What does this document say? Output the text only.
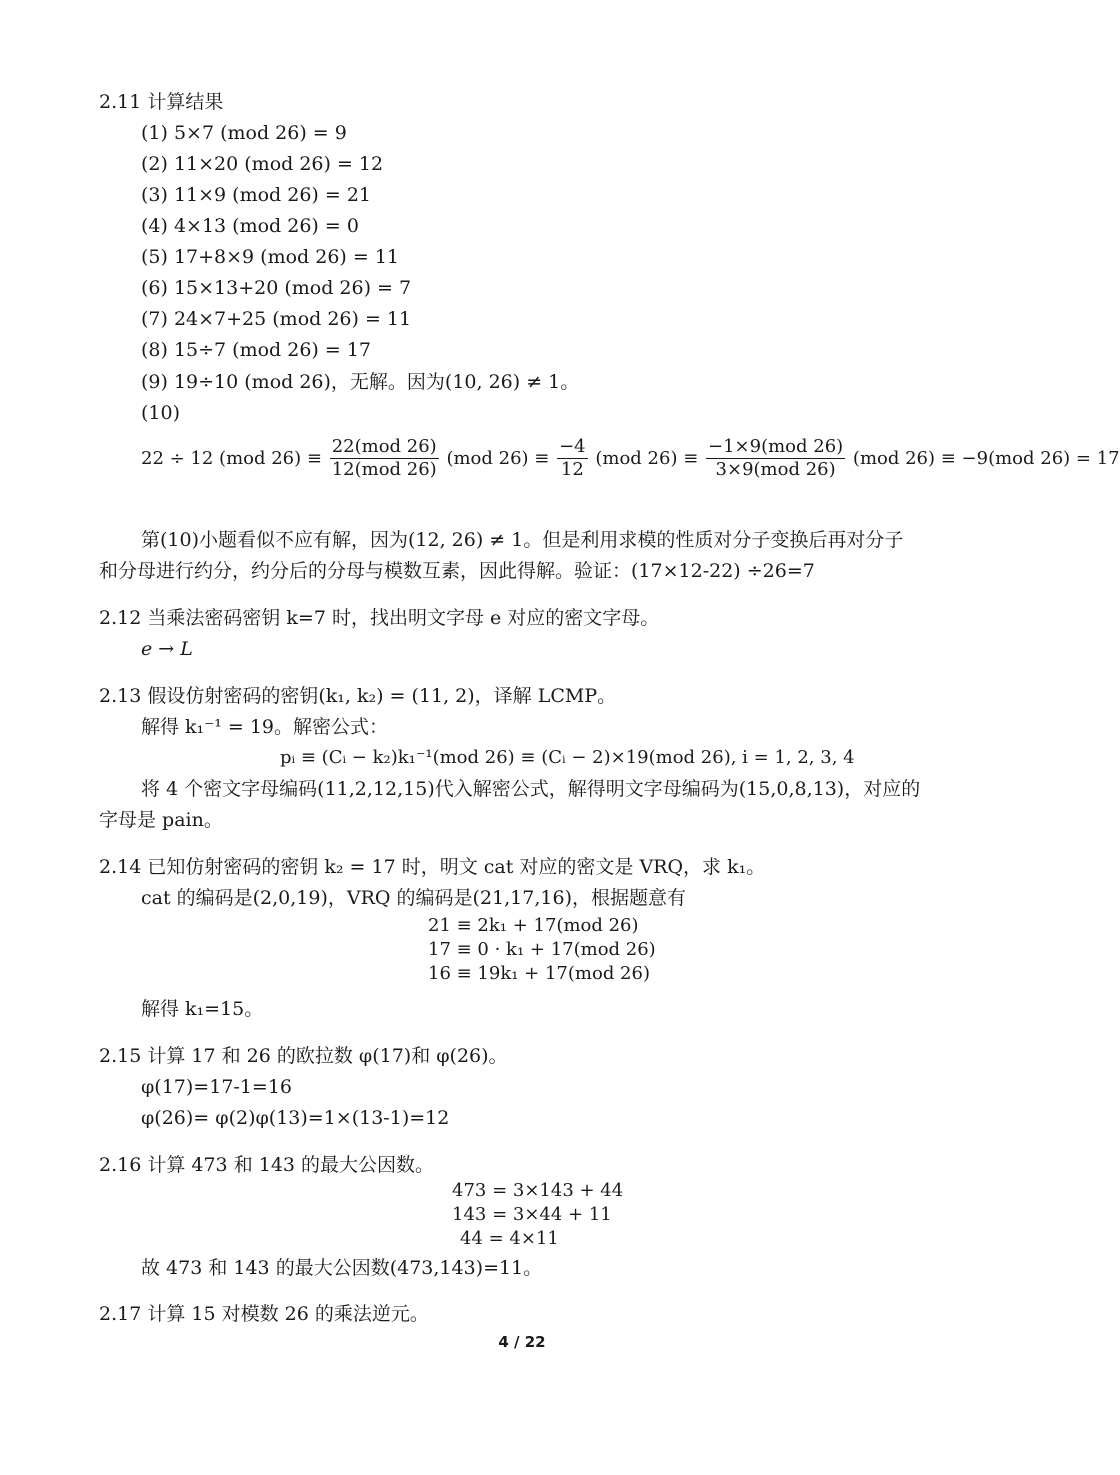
2.11 计算结果
(1) 5×7 (mod 26) = 9
(2) 11×20 (mod 26) = 12
(3) 11×9 (mod 26) = 21
(4) 4×13 (mod 26) = 0
(5) 17+8×9 (mod 26) = 11
(6) 15×13+20 (mod 26) = 7
(7) 24×7+25 (mod 26) = 11
(8) 15÷7 (mod 26) = 17
(9) 19÷10 (mod 26)，无解。因为(10, 26) ≠ 1。
(10)
22 ÷ 12 (mod $26) \equiv \frac{\text{22(mod 26)}}{\text{12(mod 26)}} (mod$ $26) \equiv \frac{-4}{12} (mod$ $26) \equiv \frac{\text{−1×9(mod 26)}}{\text{3×9(mod 26)}} (mod$ 26) ≡ −9(mod 26) = 17
第(10)小题看似不应有解，因为(12, 26) ≠ 1。但是利用求模的性质对分子变换后再对分子
和分母进行约分，约分后的分母与模数互素，因此得解。验证：(17×12-22) ÷26=7
2.12 当乘法密码密钥 k=7 时，找出明文字母 e 对应的密文字母。
e → L
2.13 假设仿射密码的密钥(k₁, k₂) = (11, 2)，译解 LCMP。
解得 k₁⁻¹ = 19。解密公式：
pᵢ ≡ (Cᵢ − k₂)k₁⁻¹(mod 26) ≡ (Cᵢ − 2)×19(mod 26), i = 1, 2, 3, 4
将 4 个密文字母编码(11,2,12,15)代入解密公式，解得明文字母编码为(15,0,8,13)，对应的
字母是 pain。
2.14 已知仿射密码的密钥 k₂ = 17 时，明文 cat 对应的密文是 VRQ，求 k₁。
cat 的编码是(2,0,19)，VRQ 的编码是(21,17,16)，根据题意有
21 ≡ 2k₁ + 17(mod 26)
17 ≡ 0 · k₁ + 17(mod 26)
16 ≡ 19k₁ + 17(mod 26)
解得 k₁=15。
2.15 计算 17 和 26 的欧拉数 φ(17)和 φ(26)。
φ(17)=17-1=16
φ(26)= φ(2)φ(13)=1×(13-1)=12
2.16 计算 473 和 143 的最大公因数。
473 = 3×143 + 44
143 = 3×44 + 11
44 = 4×11
故 473 和 143 的最大公因数(473,143)=11。
2.17 计算 15 对模数 26 的乘法逆元。
4 / 22
